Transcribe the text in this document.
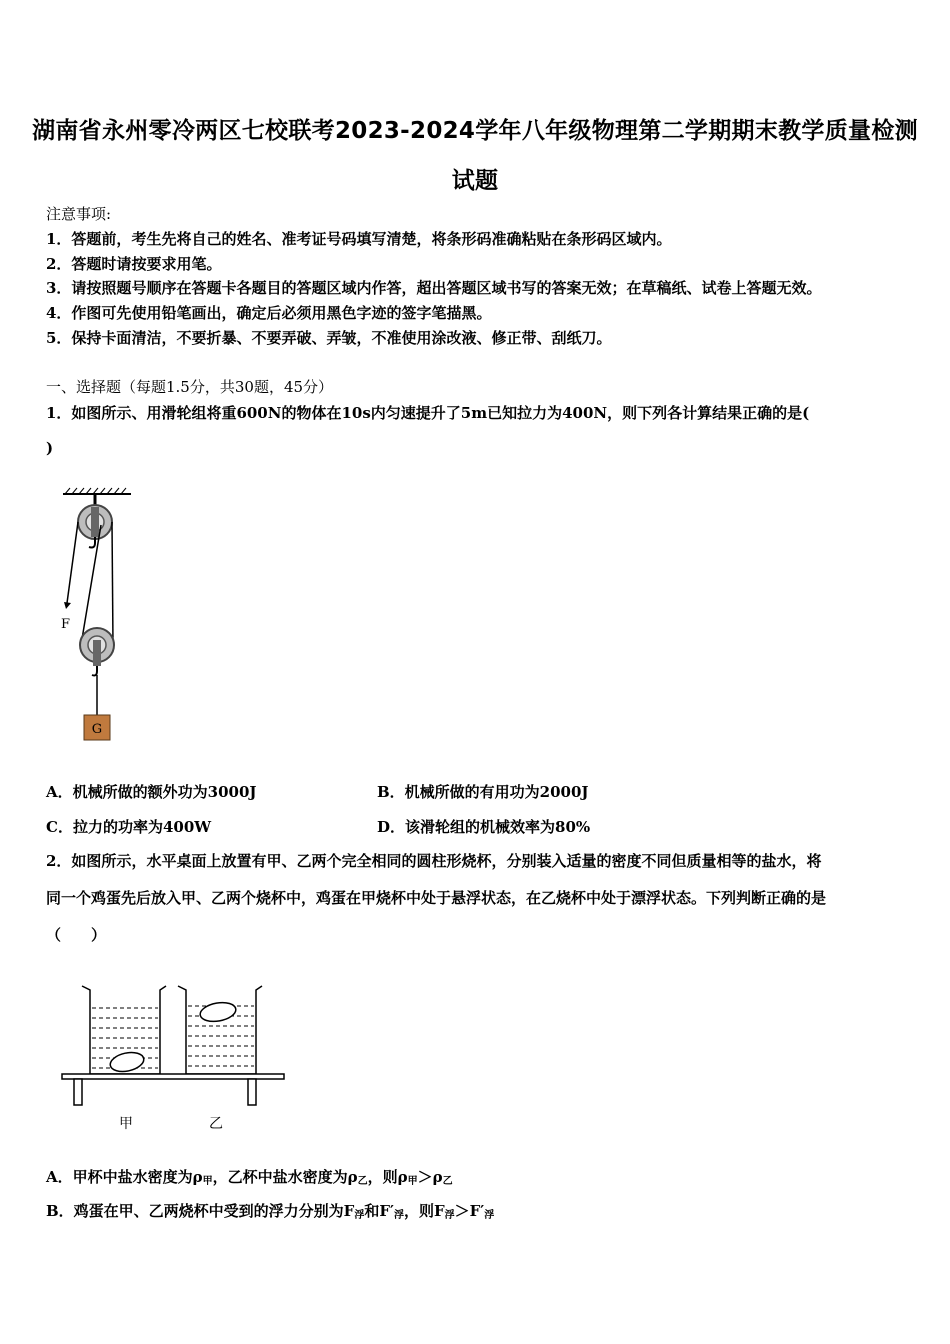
湖南省永州零冷两区七校联考2023-2024学年八年级物理第二学期期末教学质量检测
试题
注意事项:
1．答题前，考生先将自己的姓名、准考证号码填写清楚，将条形码准确粘贴在条形码区域内。
2．答题时请按要求用笔。
3．请按照题号顺序在答题卡各题目的答题区域内作答，超出答题区域书写的答案无效；在草稿纸、试卷上答题无效。
4．作图可先使用铅笔画出，确定后必须用黑色字迹的签字笔描黑。
5．保持卡面清洁，不要折暴、不要弄破、弄皱，不准使用涂改液、修正带、刮纸刀。
一、选择题（每题1.5分，共30题，45分）
1．如图所示、用滑轮组将重600N的物体在10s内匀速提升了5m已知拉力为400N，则下列各计算结果正确的是(
)
G
F
A．机械所做的额外功为3000J	B．机械所做的有用功为2000J
C．拉力的功率为400W	D．该滑轮组的机械效率为80%
2．如图所示，水平桌面上放置有甲、乙两个完全相同的圆柱形烧杯，分别装入适量的密度不同但质量相等的盐水，将
同一个鸡蛋先后放入甲、乙两个烧杯中，鸡蛋在甲烧杯中处于悬浮状态，在乙烧杯中处于漂浮状态。下列判断正确的是
（　　）
甲	乙
A．甲杯中盐水密度为$\rho_甲$，乙杯中盐水密度为$\rho_乙$，则$\rho_甲>\rho_乙$
B．鸡蛋在甲、乙两烧杯中受到的浮力分别为$F_浮$和$F'_浮$，则$F_浮>F'_浮$
